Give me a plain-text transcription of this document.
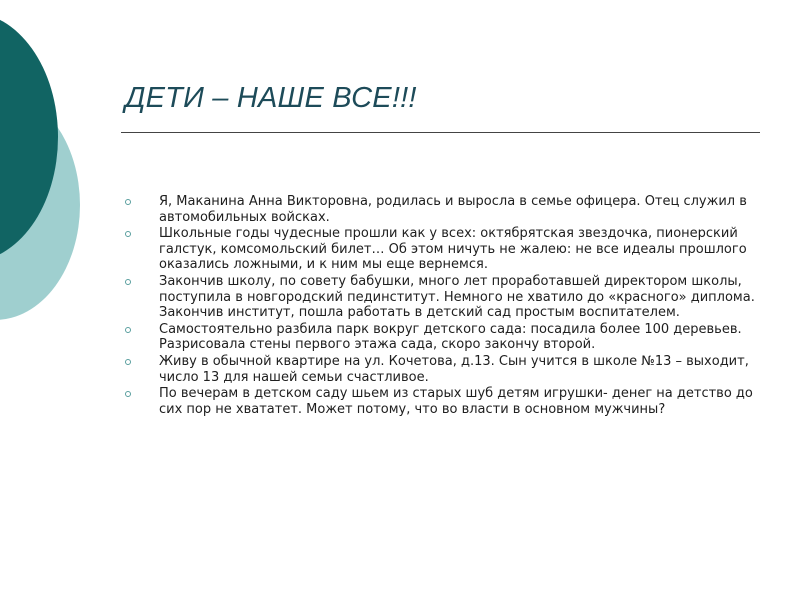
ДЕТИ – НАШЕ ВСЕ!!!
Я, Маканина Анна Викторовна, родилась и выросла в семье офицера. Отец служил в автомобильных войсках.
Школьные годы чудесные прошли как у всех: октябрятская звездочка, пионерский галстук, комсомольский билет… Об этом ничуть не жалею: не все идеалы прошлого оказались ложными, и к ним мы еще вернемся.
Закончив школу, по совету бабушки, много лет проработавшей директором школы, поступила в новгородский пединститут. Немного не хватило до «красного» диплома. Закончив институт, пошла работать в детский сад простым воспитателем.
Самостоятельно разбила парк вокруг детского сада: посадила более 100 деревьев. Разрисовала стены первого этажа сада, скоро закончу второй.
Живу в обычной квартире на ул. Кочетова, д.13. Сын учится в школе №13 – выходит, число 13 для нашей семьи счастливое.
По вечерам в детском саду шьем из старых шуб детям игрушки- денег на детство до сих пор не хвататет. Может потому, что во власти в основном мужчины?
